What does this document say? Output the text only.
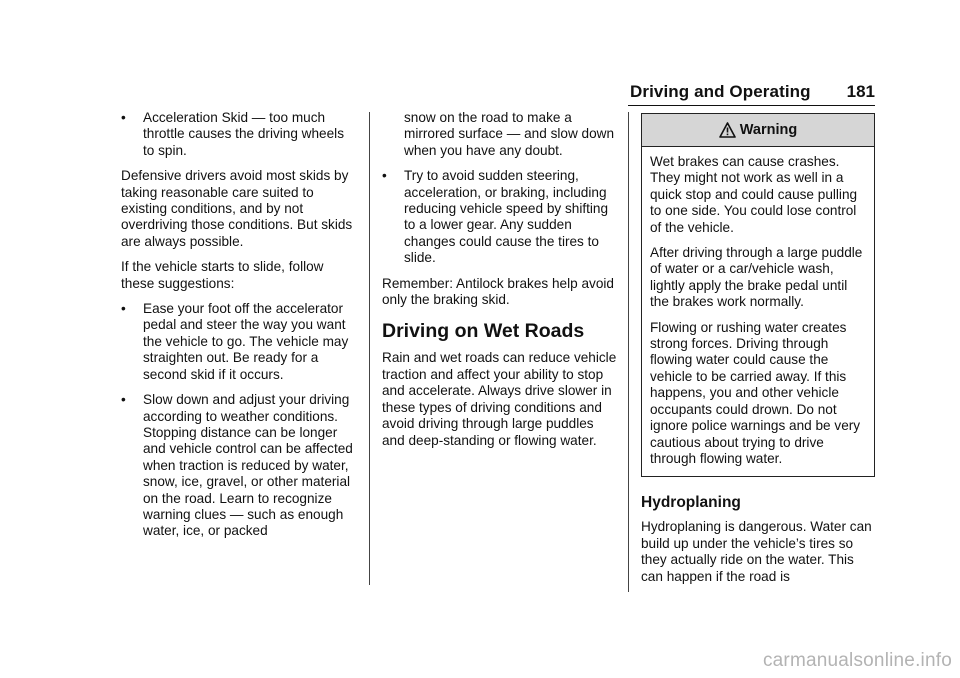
Driving and Operating 181
• Acceleration Skid — too much throttle causes the driving wheels to spin.

Defensive drivers avoid most skids by taking reasonable care suited to existing conditions, and by not overdriving those conditions. But skids are always possible.

If the vehicle starts to slide, follow these suggestions:

• Ease your foot off the accelerator pedal and steer the way you want the vehicle to go. The vehicle may straighten out. Be ready for a second skid if it occurs.
• Slow down and adjust your driving according to weather conditions. Stopping distance can be longer and vehicle control can be affected when traction is reduced by water, snow, ice, gravel, or other material on the road. Learn to recognize warning clues — such as enough water, ice, or packed
snow on the road to make a mirrored surface — and slow down when you have any doubt.
• Try to avoid sudden steering, acceleration, or braking, including reducing vehicle speed by shifting to a lower gear. Any sudden changes could cause the tires to slide.

Remember: Antilock brakes help avoid only the braking skid.

Driving on Wet Roads

Rain and wet roads can reduce vehicle traction and affect your ability to stop and accelerate. Always drive slower in these types of driving conditions and avoid driving through large puddles and deep-standing or flowing water.

Warning

Wet brakes can cause crashes. They might not work as well in a quick stop and could cause pulling to one side. You could lose control of the vehicle.

After driving through a large puddle of water or a car/vehicle wash, lightly apply the brake pedal until the brakes work normally.

Flowing or rushing water creates strong forces. Driving through flowing water could cause the vehicle to be carried away. If this happens, you and other vehicle occupants could drown. Do not ignore police warnings and be very cautious about trying to drive through flowing water.

Hydroplaning

Hydroplaning is dangerous. Water can build up under the vehicle’s tires so they actually ride on the water. This can happen if the road is

carmanualsonline.info
